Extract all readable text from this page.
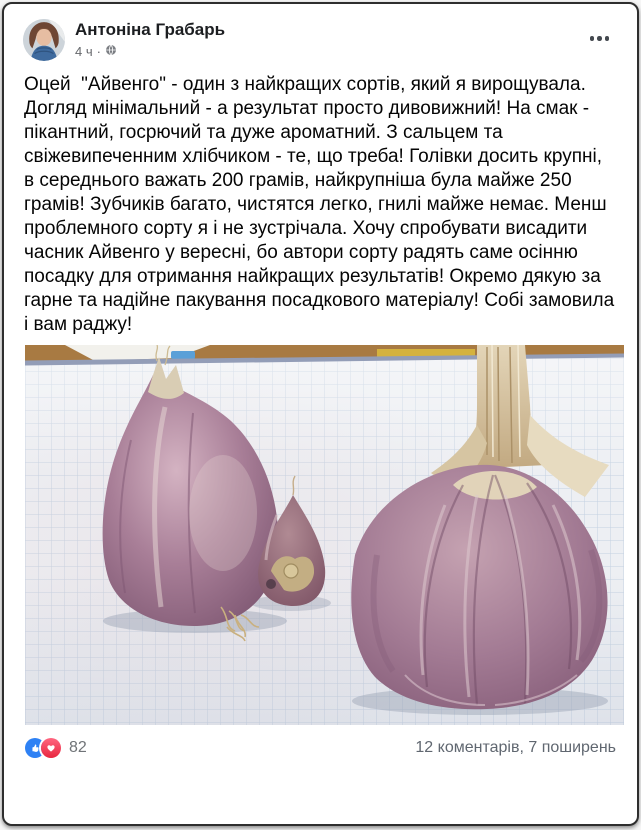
Антоніна Грабарь
4 ч ·
Оцей  "Айвенго" - один з найкращих сортів, який я вирощувала. Догляд мінімальний - а результат просто дивовижний! На смак - пікантний, госрючий та дуже ароматний. З сальцем та свіжевипеченним хлібчиком - те, що треба! Голівки досить крупні, в середнього важать 200 грамів, найкрупніша була майже 250 грамів! Зубчиків багато, чистятся легко, гнилі майже немає. Менш проблемного сорту я і не зустрічала. Хочу спробувати висадити часник Айвенго у вересні, бо автори сорту радять саме осінню посадку для отримання найкращих результатів! Окремо дякую за гарне та надійне пакування посадкового матеріалу! Собі замовила і вам раджу!
82	12 коментарів, 7 поширень
